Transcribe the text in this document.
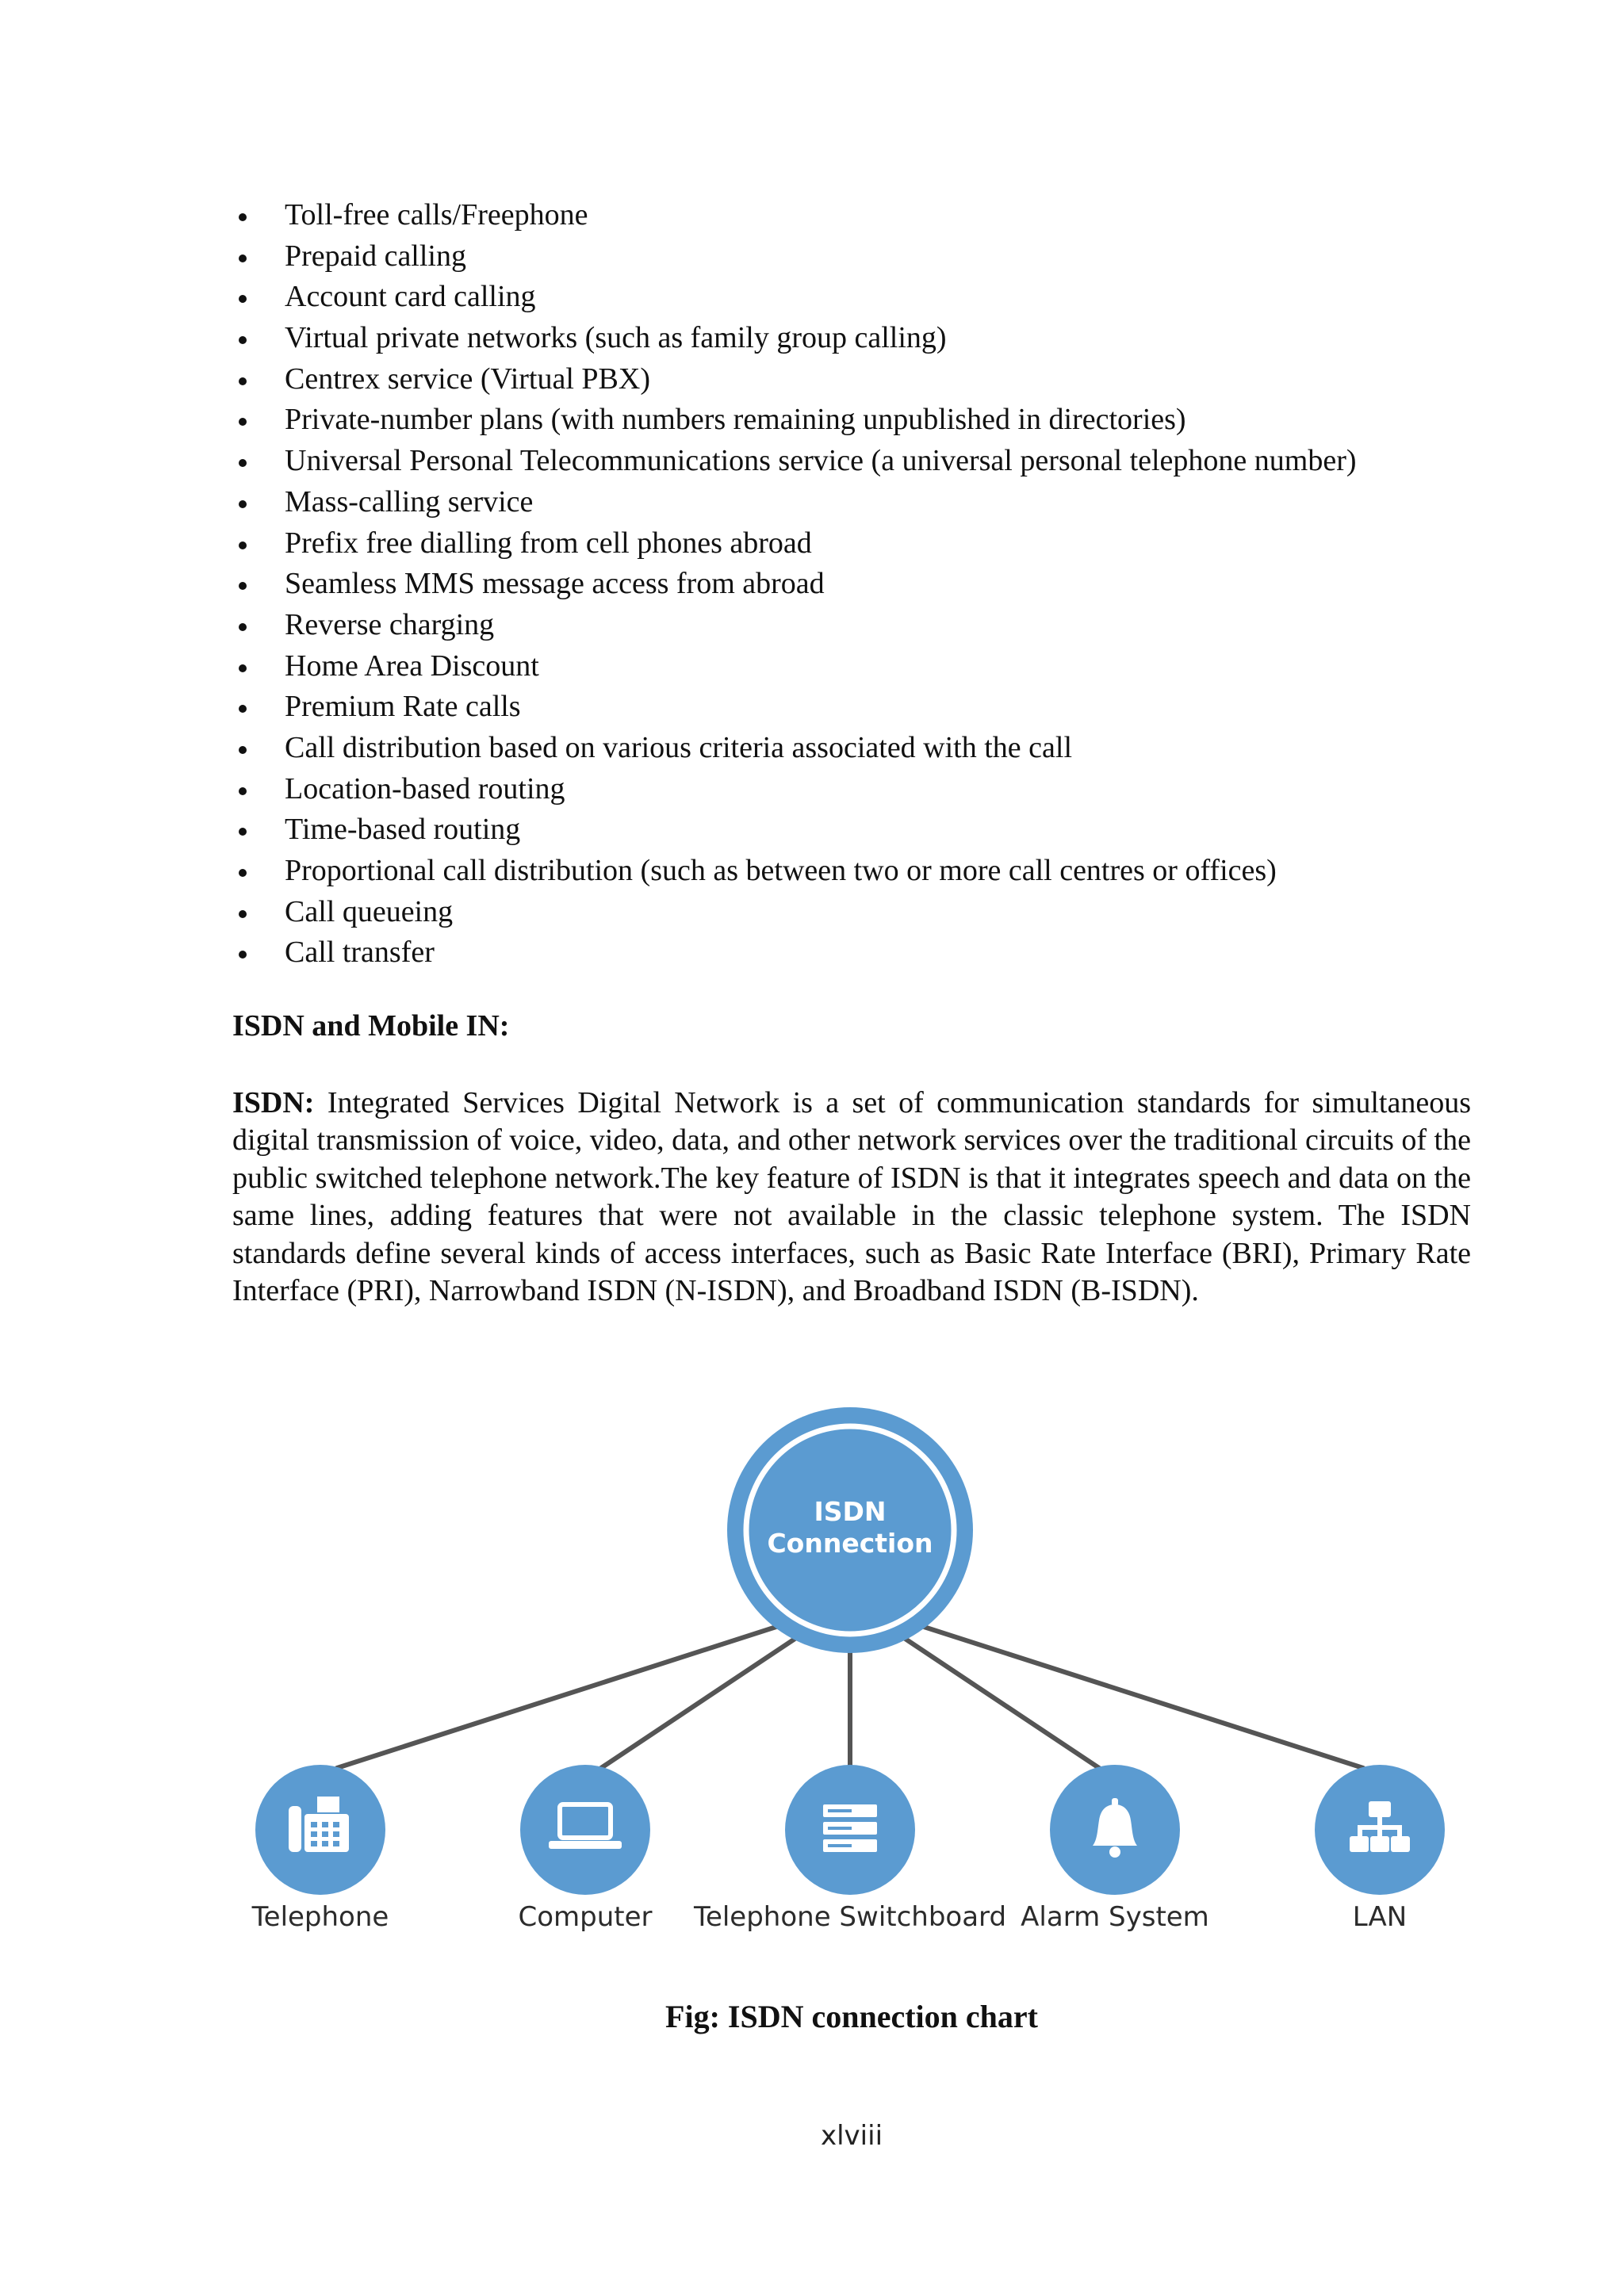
Toll-free calls/Freephone
Prepaid calling
Account card calling
Virtual private networks (such as family group calling)
Centrex service (Virtual PBX)
Private-number plans (with numbers remaining unpublished in directories)
Universal Personal Telecommunications service (a universal personal telephone number)
Mass-calling service
Prefix free dialling from cell phones abroad
Seamless MMS message access from abroad
Reverse charging
Home Area Discount
Premium Rate calls
Call distribution based on various criteria associated with the call
Location-based routing
Time-based routing
Proportional call distribution (such as between two or more call centres or offices)
Call queueing
Call transfer
ISDN and Mobile IN:

ISDN: Integrated Services Digital Network is a set of communication standards for simultaneous digital transmission of voice, video, data, and other network services over the traditional circuits of the public switched telephone network.The key feature of ISDN is that it integrates speech and data on the same lines, adding features that were not available in the classic telephone system. The ISDN standards define several kinds of access interfaces, such as Basic Rate Interface (BRI), Primary Rate Interface (PRI), Narrowband ISDN (N-ISDN), and Broadband ISDN (B-ISDN).

ISDN
Connection
Telephone	Computer	Telephone Switchboard Alarm System	LAN
Fig: ISDN connection chart
xlviii
